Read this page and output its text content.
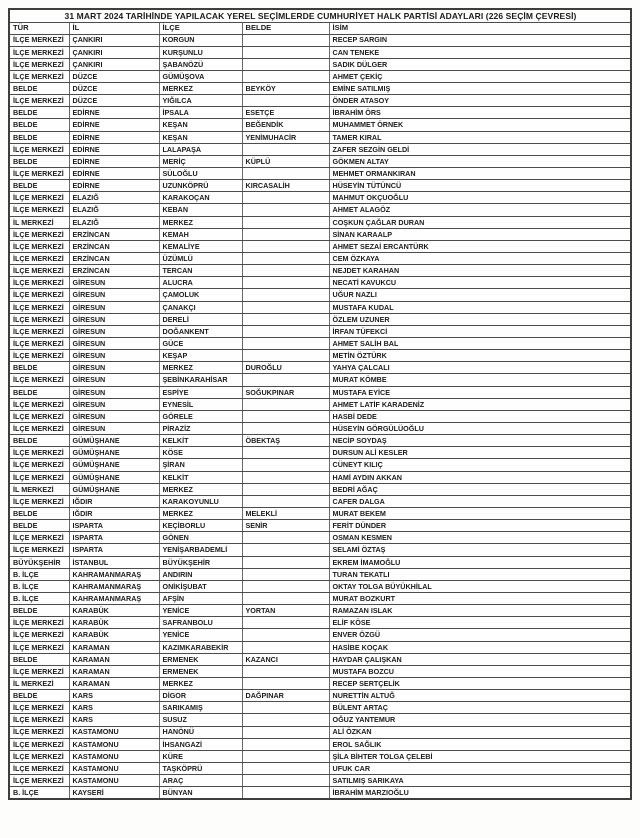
31 MART 2024 TARİHİNDE YAPILACAK YEREL SEÇİMLERDE CUMHURİYET HALK PARTİSİ ADAYLARI (226 SEÇİM ÇEVRESİ)				
TÜR	İL	İLÇE	BELDE	İSİM
İLÇE MERKEZİ	ÇANKIRI	KORGUN		RECEP SARGIN
İLÇE MERKEZİ	ÇANKIRI	KURŞUNLU		CAN TENEKE
İLÇE MERKEZİ	ÇANKIRI	ŞABANÖZÜ		SADIK DÜLGER
İLÇE MERKEZİ	DÜZCE	GÜMÜŞOVA		AHMET ÇEKİÇ
BELDE	DÜZCE	MERKEZ	BEYKÖY	EMİNE SATILMIŞ
İLÇE MERKEZİ	DÜZCE	YIĞILCA		ÖNDER ATASOY
BELDE	EDİRNE	İPSALA	ESETÇE	İBRAHİM ÖRS
BELDE	EDİRNE	KEŞAN	BEĞENDİK	MUHAMMET ÖRNEK
BELDE	EDİRNE	KEŞAN	YENİMUHACİR	TAMER KIRAL
İLÇE MERKEZİ	EDİRNE	LALAPAŞA		ZAFER SEZGİN GELDİ
BELDE	EDİRNE	MERİÇ	KÜPLÜ	GÖKMEN ALTAY
İLÇE MERKEZİ	EDİRNE	SÜLOĞLU		MEHMET ORMANKIRAN
BELDE	EDİRNE	UZUNKÖPRÜ	KIRCASALİH	HÜSEYİN TÜTÜNCÜ
İLÇE MERKEZİ	ELAZIĞ	KARAKOÇAN		MAHMUT OKÇUOĞLU
İLÇE MERKEZİ	ELAZIĞ	KEBAN		AHMET ALAGÖZ
İL MERKEZİ	ELAZIĞ	MERKEZ		COŞKUN ÇAĞLAR DURAN
İLÇE MERKEZİ	ERZİNCAN	KEMAH		SİNAN KARAALP
İLÇE MERKEZİ	ERZİNCAN	KEMALİYE		AHMET SEZAİ ERCANTÜRK
İLÇE MERKEZİ	ERZİNCAN	ÜZÜMLÜ		CEM ÖZKAYA
İLÇE MERKEZİ	ERZİNCAN	TERCAN		NEJDET KARAHAN
İLÇE MERKEZİ	GİRESUN	ALUCRA		NECATİ KAVUKCU
İLÇE MERKEZİ	GİRESUN	ÇAMOLUK		UĞUR NAZLI
İLÇE MERKEZİ	GİRESUN	ÇANAKÇI		MUSTAFA KUDAL
İLÇE MERKEZİ	GİRESUN	DERELİ		ÖZLEM UZUNER
İLÇE MERKEZİ	GİRESUN	DOĞANKENT		İRFAN TÜFEKCİ
İLÇE MERKEZİ	GİRESUN	GÜCE		AHMET SALİH BAL
İLÇE MERKEZİ	GİRESUN	KEŞAP		METİN ÖZTÜRK
BELDE	GİRESUN	MERKEZ	DUROĞLU	YAHYA ÇALCALI
İLÇE MERKEZİ	GİRESUN	ŞEBİNKARAHİSAR		MURAT KÖMBE
BELDE	GİRESUN	ESPİYE	SOĞUKPINAR	MUSTAFA EYİCE
İLÇE MERKEZİ	GİRESUN	EYNESİL		AHMET LATİF KARADENİZ
İLÇE MERKEZİ	GİRESUN	GÖRELE		HASBİ DEDE
İLÇE MERKEZİ	GİRESUN	PİRAZİZ		HÜSEYİN GÖRGÜLÜOĞLU
BELDE	GÜMÜŞHANE	KELKİT	ÖBEKTAŞ	NECİP SOYDAŞ
İLÇE MERKEZİ	GÜMÜŞHANE	KÖSE		DURSUN ALİ KESLER
İLÇE MERKEZİ	GÜMÜŞHANE	ŞİRAN		CÜNEYT KILIÇ
İLÇE MERKEZİ	GÜMÜŞHANE	KELKİT		HAMİ AYDIN AKKAN
İL MERKEZİ	GÜMÜŞHANE	MERKEZ		BEDRİ AĞAÇ
İLÇE MERKEZİ	IĞDIR	KARAKOYUNLU		CAFER DALGA
BELDE	IĞDIR	MERKEZ	MELEKLİ	MURAT BEKEM
BELDE	ISPARTA	KEÇİBORLU	SENİR	FERİT DÜNDER
İLÇE MERKEZİ	ISPARTA	GÖNEN		OSMAN KESMEN
İLÇE MERKEZİ	ISPARTA	YENİŞARBADEMLİ		SELAMİ ÖZTAŞ
BÜYÜKŞEHİR	İSTANBUL	BÜYÜKŞEHİR		EKREM İMAMOĞLU
B. İLÇE	KAHRAMANMARAŞ	ANDIRIN		TURAN TEKATLI
B. İLÇE	KAHRAMANMARAŞ	ONİKİŞUBAT		OKTAY TOLGA BÜYÜKHİLAL
B. İLÇE	KAHRAMANMARAŞ	AFŞİN		MURAT BOZKURT
BELDE	KARABÜK	YENİCE	YORTAN	RAMAZAN ISLAK
İLÇE MERKEZİ	KARABÜK	SAFRANBOLU		ELİF KÖSE
İLÇE MERKEZİ	KARABÜK	YENİCE		ENVER ÖZGÜ
İLÇE MERKEZİ	KARAMAN	KAZIMKARABEKİR		HASİBE KOÇAK
BELDE	KARAMAN	ERMENEK	KAZANCI	HAYDAR ÇALIŞKAN
İLÇE MERKEZİ	KARAMAN	ERMENEK		MUSTAFA BOZCU
İL MERKEZİ	KARAMAN	MERKEZ		RECEP SERTÇELİK
BELDE	KARS	DİGOR	DAĞPINAR	NURETTİN ALTUĞ
İLÇE MERKEZİ	KARS	SARIKAMIŞ		BÜLENT ARTAÇ
İLÇE MERKEZİ	KARS	SUSUZ		OĞUZ YANTEMUR
İLÇE MERKEZİ	KASTAMONU	HANÖNÜ		ALİ ÖZKAN
İLÇE MERKEZİ	KASTAMONU	İHSANGAZİ		EROL SAĞLIK
İLÇE MERKEZİ	KASTAMONU	KÜRE		ŞİLA BİHTER TOLGA ÇELEBİ
İLÇE MERKEZİ	KASTAMONU	TAŞKÖPRÜ		UFUK CAR
İLÇE MERKEZİ	KASTAMONU	ARAÇ		SATILMIŞ SARIKAYA
B. İLÇE	KAYSERİ	BÜNYAN		İBRAHİM MARZIOĞLU
